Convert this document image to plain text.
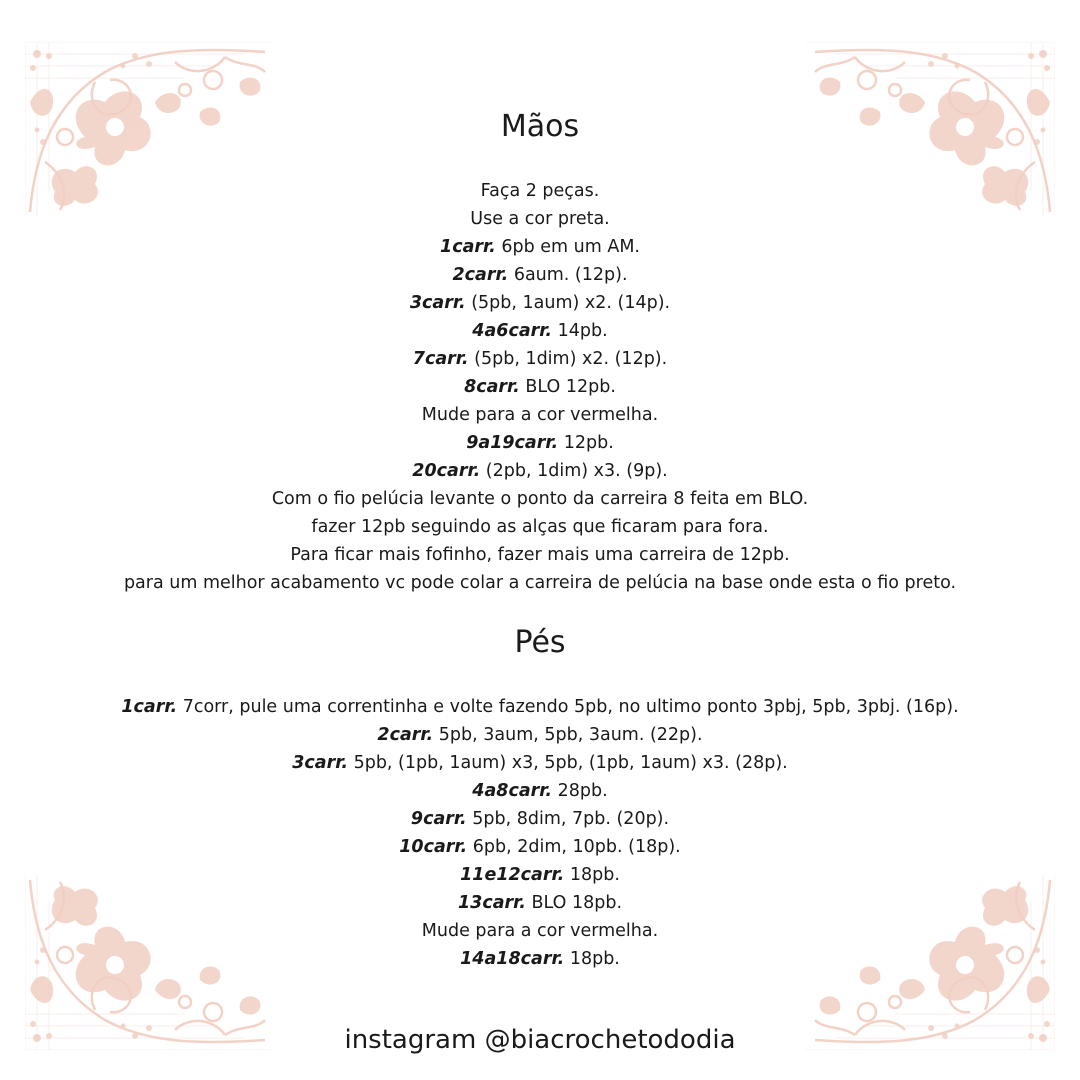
Mãos
Faça 2 peças.
Use a cor preta.
1carr. 6pb em um AM.
2carr. 6aum. (12p).
3carr. (5pb, 1aum) x2. (14p).
4a6carr. 14pb.
7carr. (5pb, 1dim) x2. (12p).
8carr. BLO 12pb.
Mude para a cor vermelha.
9a19carr. 12pb.
20carr. (2pb, 1dim) x3. (9p).
Com o fio pelúcia levante o ponto da carreira 8 feita em BLO.
fazer 12pb seguindo as alças que ficaram para fora.
Para ficar mais fofinho, fazer mais uma carreira de 12pb.
para um melhor acabamento vc pode colar a carreira de pelúcia na base onde esta o fio preto.
Pés
1carr. 7corr, pule uma correntinha e volte fazendo 5pb, no ultimo ponto 3pbj, 5pb, 3pbj. (16p).
2carr. 5pb, 3aum, 5pb, 3aum. (22p).
3carr. 5pb, (1pb, 1aum) x3, 5pb, (1pb, 1aum) x3. (28p).
4a8carr. 28pb.
9carr. 5pb, 8dim, 7pb. (20p).
10carr. 6pb, 2dim, 10pb. (18p).
11e12carr. 18pb.
13carr. BLO 18pb.
Mude para a cor vermelha.
14a18carr. 18pb.
instagram @biacrochetododia
